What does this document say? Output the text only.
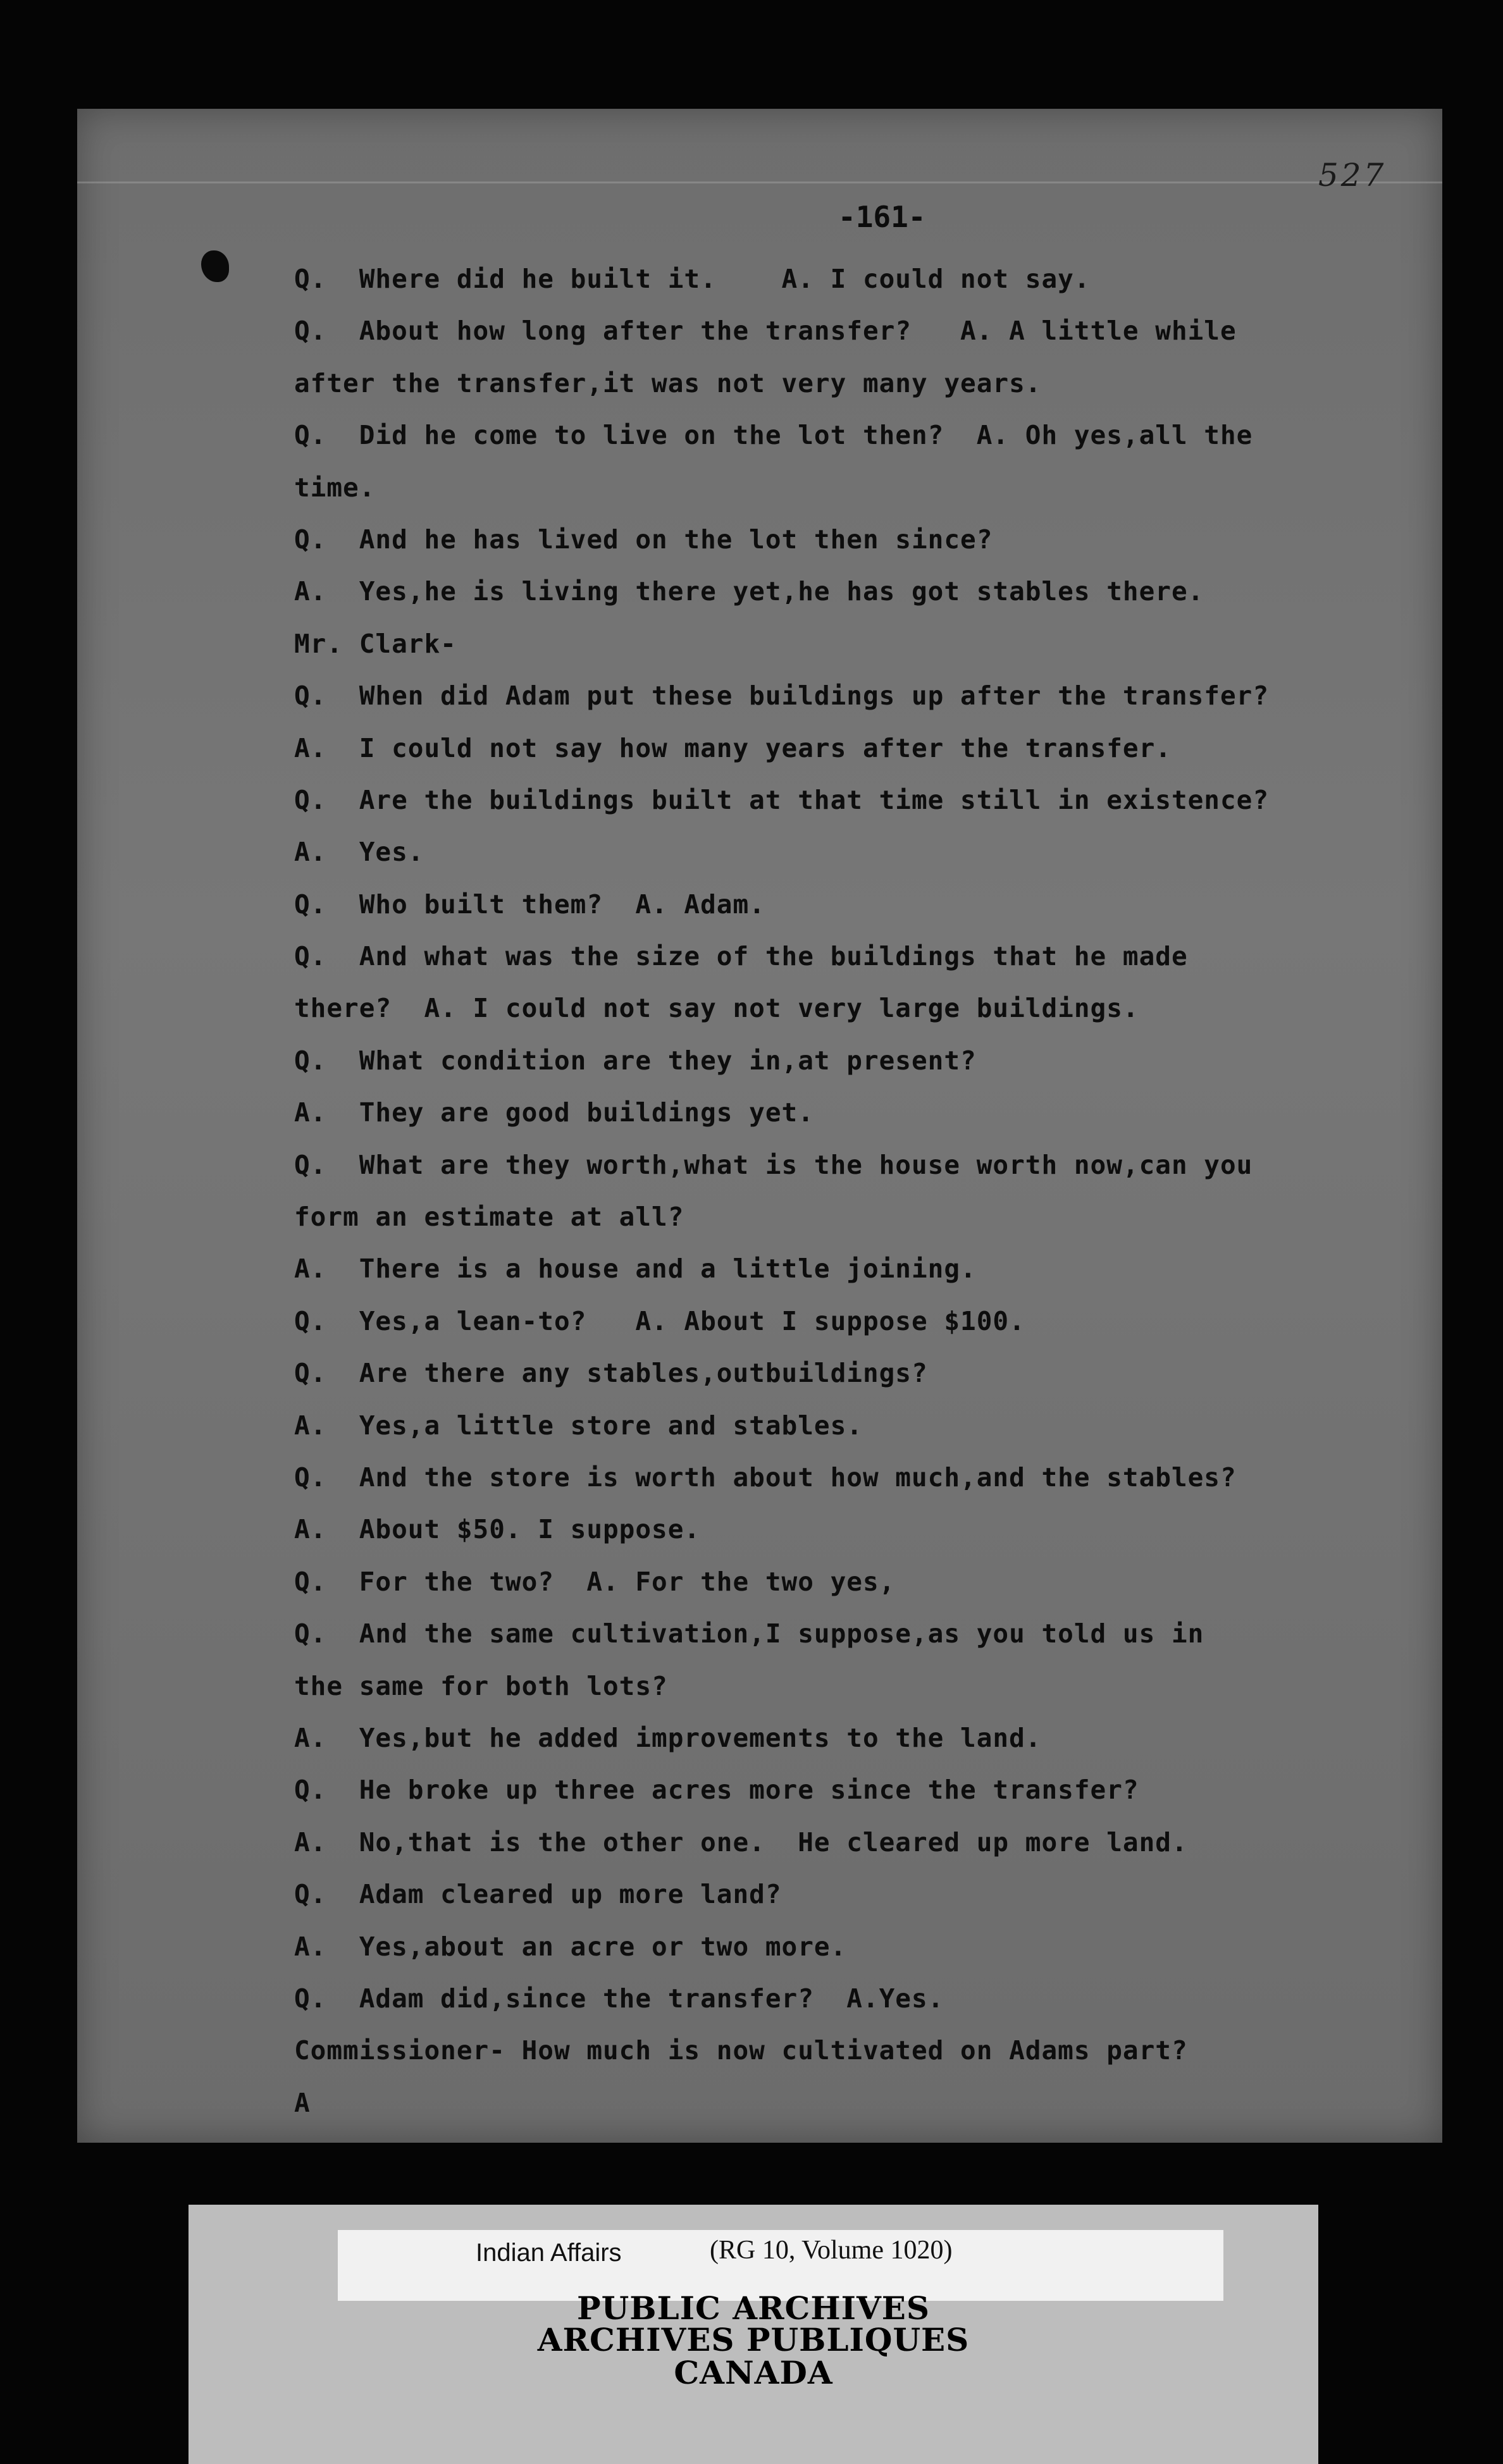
-161-
527
Q.  Where did he built it.    A. I could not say.
Q.  About how long after the transfer?   A. A little while
after the transfer,it was not very many years.
Q.  Did he come to live on the lot then?  A. Oh yes,all the
time.
Q.  And he has lived on the lot then since?
A.  Yes,he is living there yet,he has got stables there.
Mr. Clark-
Q.  When did Adam put these buildings up after the transfer?
A.  I could not say how many years after the transfer.
Q.  Are the buildings built at that time still in existence?
A.  Yes.
Q.  Who built them?  A. Adam.
Q.  And what was the size of the buildings that he made
there?  A. I could not say not very large buildings.
Q.  What condition are they in,at present?
A.  They are good buildings yet.
Q.  What are they worth,what is the house worth now,can you
form an estimate at all?
A.  There is a house and a little joining.
Q.  Yes,a lean-to?   A. About I suppose $100.
Q.  Are there any stables,outbuildings?
A.  Yes,a little store and stables.
Q.  And the store is worth about how much,and the stables?
A.  About $50. I suppose.
Q.  For the two?  A. For the two yes,
Q.  And the same cultivation,I suppose,as you told us in
the same for both lots?
A.  Yes,but he added improvements to the land.
Q.  He broke up three acres more since the transfer?
A.  No,that is the other one.  He cleared up more land.
Q.  Adam cleared up more land?
A.  Yes,about an acre or two more.
Q.  Adam did,since the transfer?  A.Yes.
Commissioner- How much is now cultivated on Adams part?
A
Indian Affairs	(RG 10, Volume 1020)
PUBLIC ARCHIVES
ARCHIVES PUBLIQUES
CANADA
